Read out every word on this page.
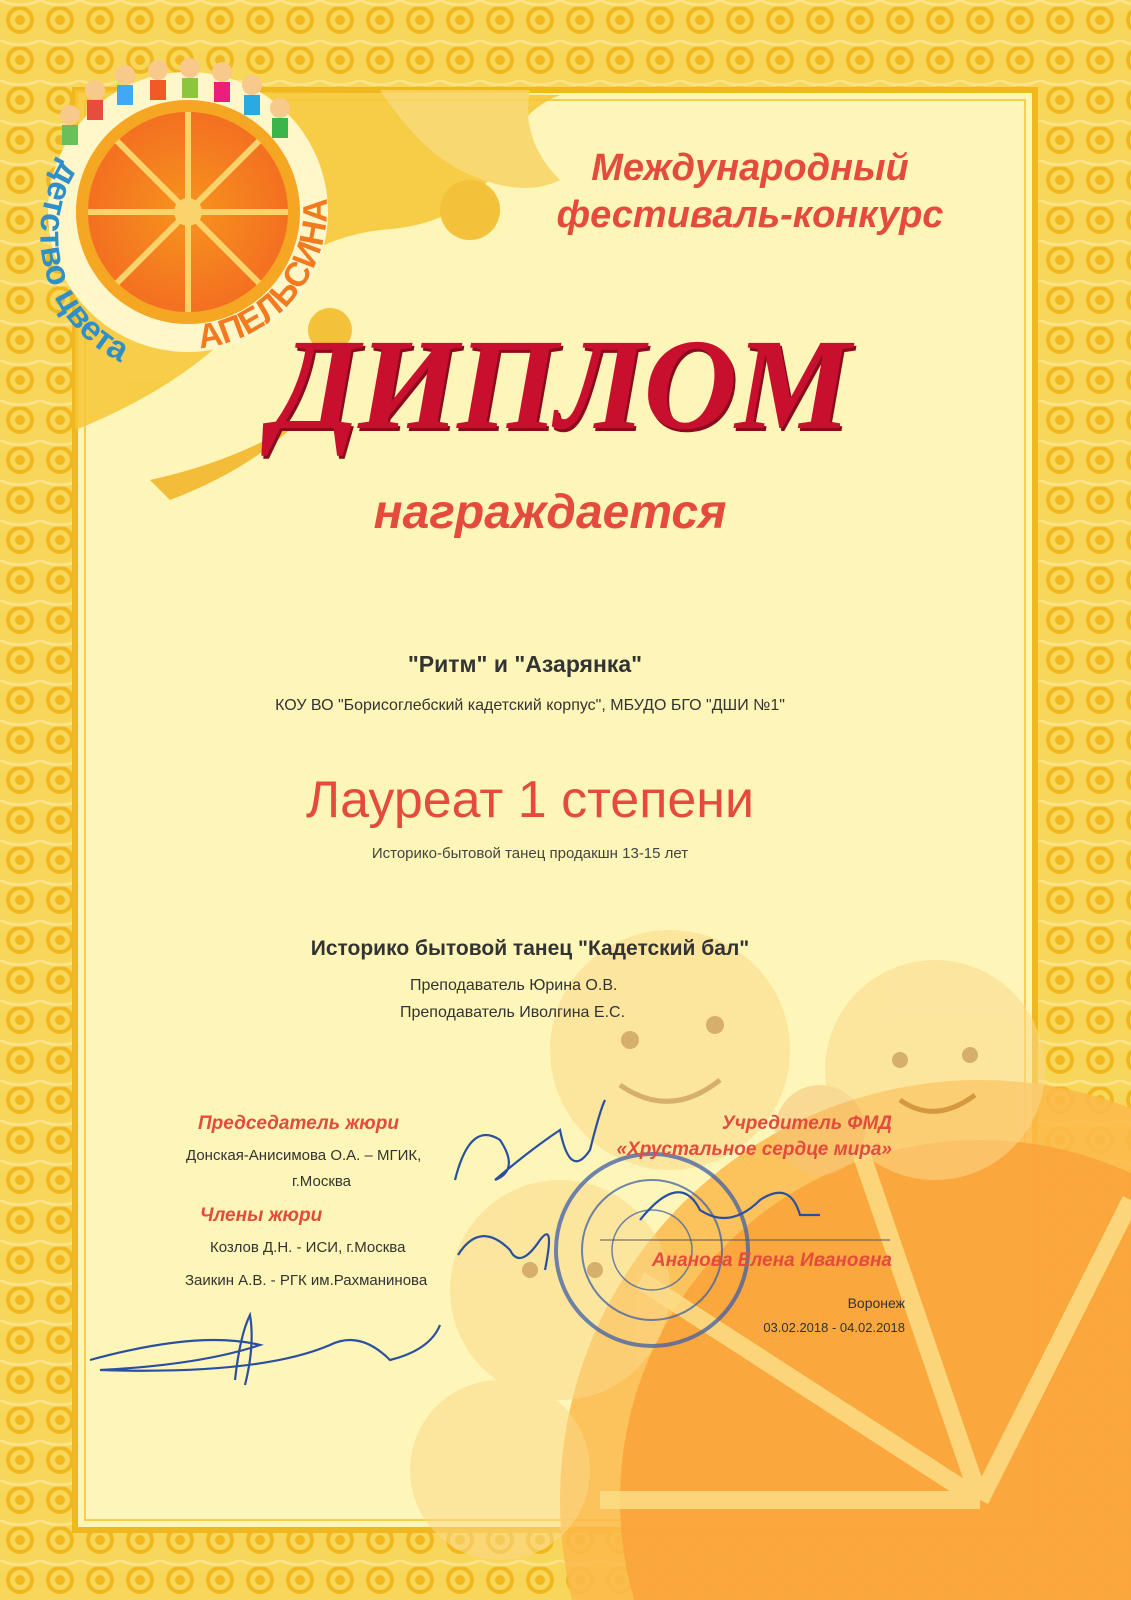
детство цвета АПЕЛЬСИНА

Международный

фестиваль-конкурс

ДИПЛОМ

награждается

"Ритм" и "Азарянка"

КОУ ВО "Борисоглебский кадетский корпус", МБУДО БГО "ДШИ №1"

Лауреат 1 степени

Историко-бытовой танец продакшн 13-15 лет

Историко бытовой танец "Кадетский бал"

Преподаватель Юрина О.В.

Преподаватель Иволгина Е.С.

Председатель жюри

Донская-Анисимова О.А. – МГИК,

г.Москва

Члены жюри

Козлов Д.Н. - ИСИ, г.Москва

Заикин А.В. - РГК им.Рахманинова

Учредитель ФМД

«Хрустальное сердце мира»

Ананова Елена Ивановна

Воронеж

03.02.2018 - 04.02.2018
